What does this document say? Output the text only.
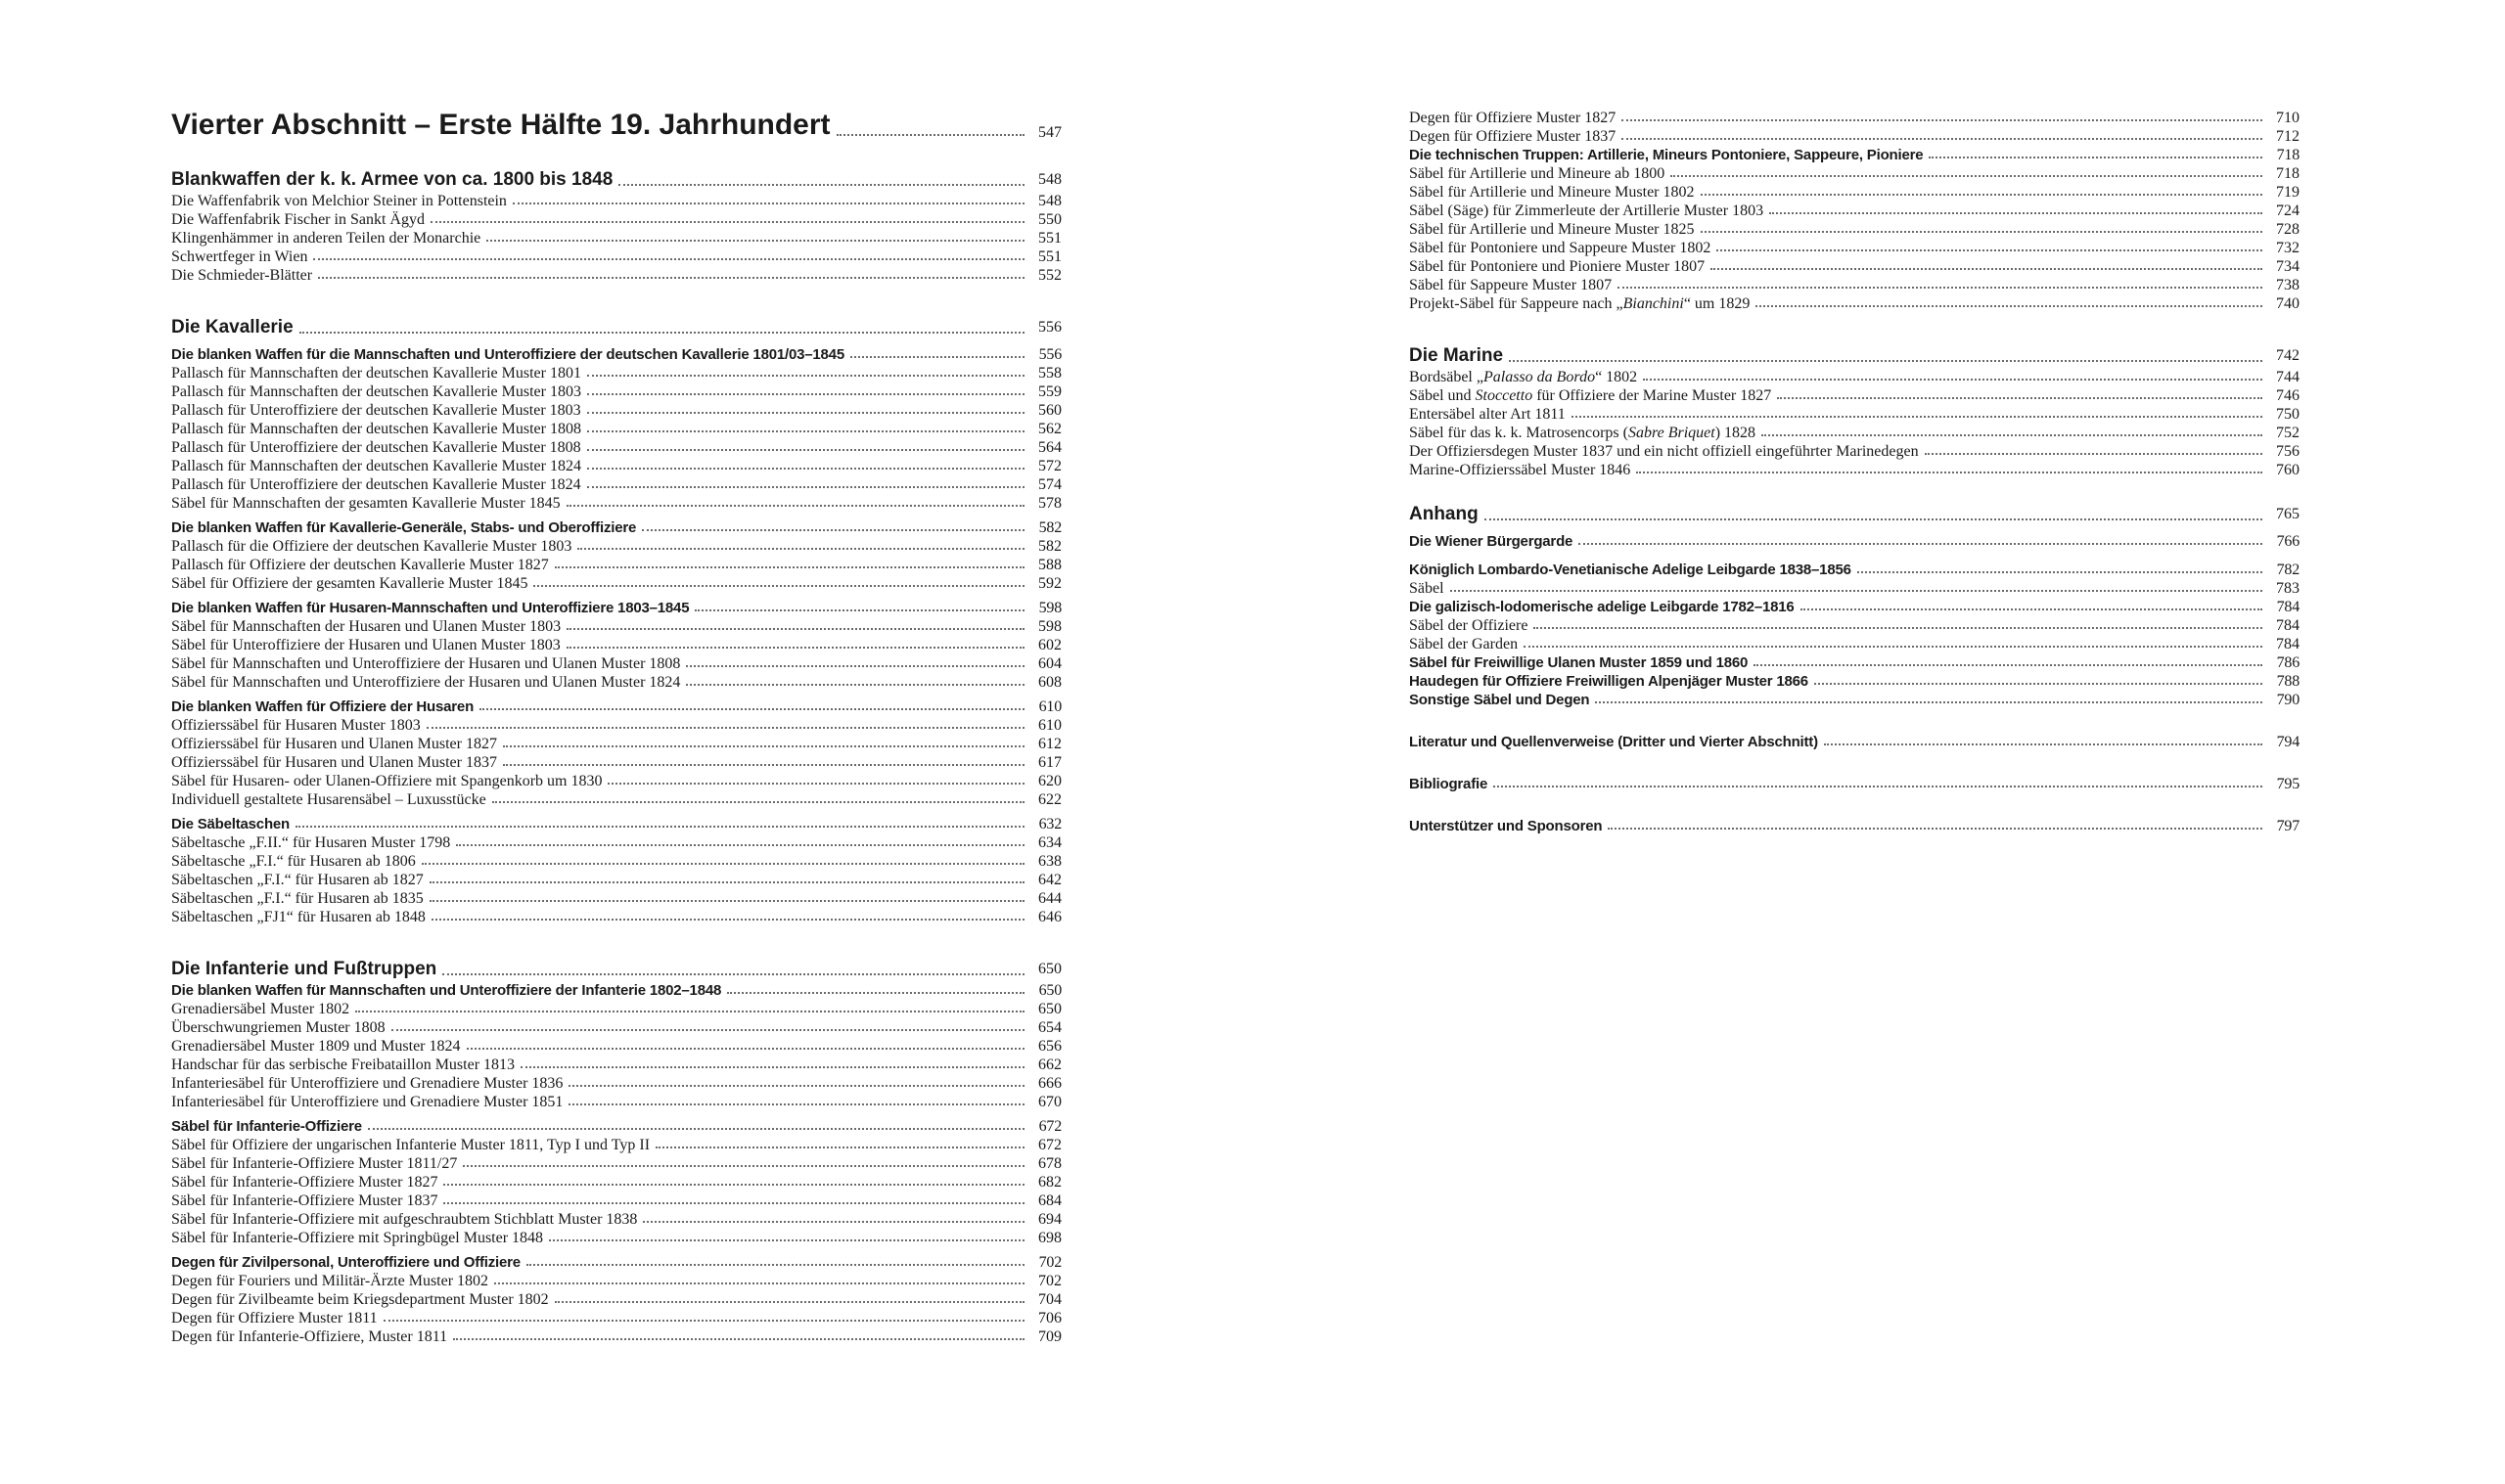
Vierter Abschnitt – Erste Hälfte 19. Jahrhundert	547
Blankwaffen der k. k. Armee von ca. 1800 bis 1848	548
Die Waffenfabrik von Melchior Steiner in Pottenstein	548
Die Waffenfabrik Fischer in Sankt Ägyd	550
Klingenhämmer in anderen Teilen der Monarchie	551
Schwertfeger in Wien	551
Die Schmieder-Blätter	552
Die Kavallerie	556
Die blanken Waffen für die Mannschaften und Unteroffiziere der deutschen Kavallerie 1801/03–1845	556
Pallasch für Mannschaften der deutschen Kavallerie Muster 1801	558
Pallasch für Mannschaften der deutschen Kavallerie Muster 1803	559
Pallasch für Unteroffiziere der deutschen Kavallerie Muster 1803	560
Pallasch für Mannschaften der deutschen Kavallerie Muster 1808	562
Pallasch für Unteroffiziere der deutschen Kavallerie Muster 1808	564
Pallasch für Mannschaften der deutschen Kavallerie Muster 1824	572
Pallasch für Unteroffiziere der deutschen Kavallerie Muster 1824	574
Säbel für Mannschaften der gesamten Kavallerie Muster 1845	578
Die blanken Waffen für Kavallerie-Generäle, Stabs- und Oberoffiziere	582
Pallasch für die Offiziere der deutschen Kavallerie Muster 1803	582
Pallasch für Offiziere der deutschen Kavallerie Muster 1827	588
Säbel für Offiziere der gesamten Kavallerie Muster 1845	592
Die blanken Waffen für Husaren-Mannschaften und Unteroffiziere 1803–1845	598
Säbel für Mannschaften der Husaren und Ulanen Muster 1803	598
Säbel für Unteroffiziere der Husaren und Ulanen Muster 1803	602
Säbel für Mannschaften und Unteroffiziere der Husaren und Ulanen Muster 1808	604
Säbel für Mannschaften und Unteroffiziere der Husaren und Ulanen Muster 1824	608
Die blanken Waffen für Offiziere der Husaren	610
Offizierssäbel für Husaren Muster 1803	610
Offizierssäbel für Husaren und Ulanen Muster 1827	612
Offizierssäbel für Husaren und Ulanen Muster 1837	617
Säbel für Husaren- oder Ulanen-Offiziere mit Spangenkorb um 1830	620
Individuell gestaltete Husarensäbel – Luxusstücke	622
Die Säbeltaschen	632
Säbeltasche „F.II.“ für Husaren Muster 1798	634
Säbeltasche „F.I.“ für Husaren ab 1806	638
Säbeltaschen „F.I.“ für Husaren ab 1827	642
Säbeltaschen „F.I.“ für Husaren ab 1835	644
Säbeltaschen „FJ1“ für Husaren ab 1848	646
Die Infanterie und Fußtruppen	650
Die blanken Waffen für Mannschaften und Unteroffiziere der Infanterie 1802–1848	650
Grenadiersäbel Muster 1802	650
Überschwungriemen Muster 1808	654
Grenadiersäbel Muster 1809 und Muster 1824	656
Handschar für das serbische Freibataillon Muster 1813	662
Infanteriesäbel für Unteroffiziere und Grenadiere Muster 1836	666
Infanteriesäbel für Unteroffiziere und Grenadiere Muster 1851	670
Säbel für Infanterie-Offiziere	672
Säbel für Offiziere der ungarischen Infanterie Muster 1811, Typ I und Typ II	672
Säbel für Infanterie-Offiziere Muster 1811/27	678
Säbel für Infanterie-Offiziere Muster 1827	682
Säbel für Infanterie-Offiziere Muster 1837	684
Säbel für Infanterie-Offiziere mit aufgeschraubtem Stichblatt Muster 1838	694
Säbel für Infanterie-Offiziere mit Springbügel Muster 1848	698
Degen für Zivilpersonal, Unteroffiziere und Offiziere	702
Degen für Fouriers und Militär-Ärzte Muster 1802	702
Degen für Zivilbeamte beim Kriegsdepartment Muster 1802	704
Degen für Offiziere Muster 1811	706
Degen für Infanterie-Offiziere, Muster 1811	709
Degen für Offiziere Muster 1827	710
Degen für Offiziere Muster 1837	712
Die technischen Truppen: Artillerie, Mineurs Pontoniere, Sappeure, Pioniere	718
Säbel für Artillerie und Mineure ab 1800	718
Säbel für Artillerie und Mineure Muster 1802	719
Säbel (Säge) für Zimmerleute der Artillerie Muster 1803	724
Säbel für Artillerie und Mineure Muster 1825	728
Säbel für Pontoniere und Sappeure Muster 1802	732
Säbel für Pontoniere und Pioniere Muster 1807	734
Säbel für Sappeure Muster 1807	738
Projekt-Säbel für Sappeure nach „Bianchini“ um 1829	740
Die Marine	742
Bordsäbel „Palasso da Bordo“ 1802	744
Säbel und Stoccetto für Offiziere der Marine Muster 1827	746
Entersäbel alter Art 1811	750
Säbel für das k. k. Matrosencorps (Sabre Briquet) 1828	752
Der Offiziersdegen Muster 1837 und ein nicht offiziell eingeführter Marinedegen	756
Marine-Offizierssäbel Muster 1846	760
Anhang	765
Die Wiener Bürgergarde	766
Königlich Lombardo-Venetianische Adelige Leibgarde 1838–1856	782
Säbel	783
Die galizisch-lodomerische adelige Leibgarde 1782–1816	784
Säbel der Offiziere	784
Säbel der Garden	784
Säbel für Freiwillige Ulanen Muster 1859 und 1860	786
Haudegen für Offiziere Freiwilligen Alpenjäger Muster 1866	788
Sonstige Säbel und Degen	790
Literatur und Quellenverweise (Dritter und Vierter Abschnitt)	794
Bibliografie	795
Unterstützer und Sponsoren	797
